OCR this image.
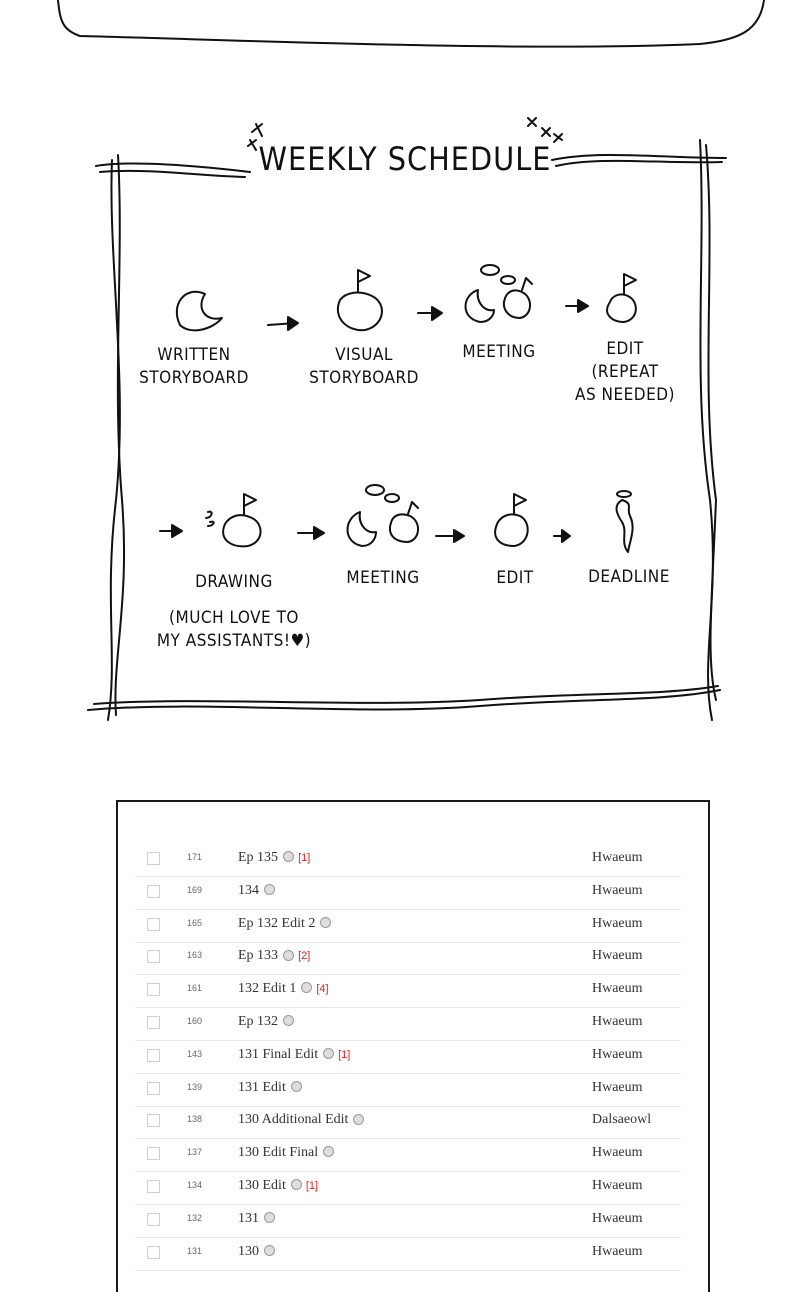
WEEKLY SCHEDULE
WRITTEN
STORYBOARD
VISUAL
STORYBOARD
MEETING	EDIT
(REPEAT
AS NEEDED)
DRAWING
(MUCH LOVE TO
MY ASSISTANTS!♥)
MEETING	EDIT	DEADLINE
171	Ep 135 [1]	Hwaeum
169	134	Hwaeum
165	Ep 132 Edit 2	Hwaeum
163	Ep 133 [2]	Hwaeum
161	132 Edit 1 [4]	Hwaeum
160	Ep 132	Hwaeum
143	131 Final Edit [1]	Hwaeum
139	131 Edit	Hwaeum
138	130 Additional Edit	Dalsaeowl
137	130 Edit Final	Hwaeum
134	130 Edit [1]	Hwaeum
132	131	Hwaeum
131	130	Hwaeum
